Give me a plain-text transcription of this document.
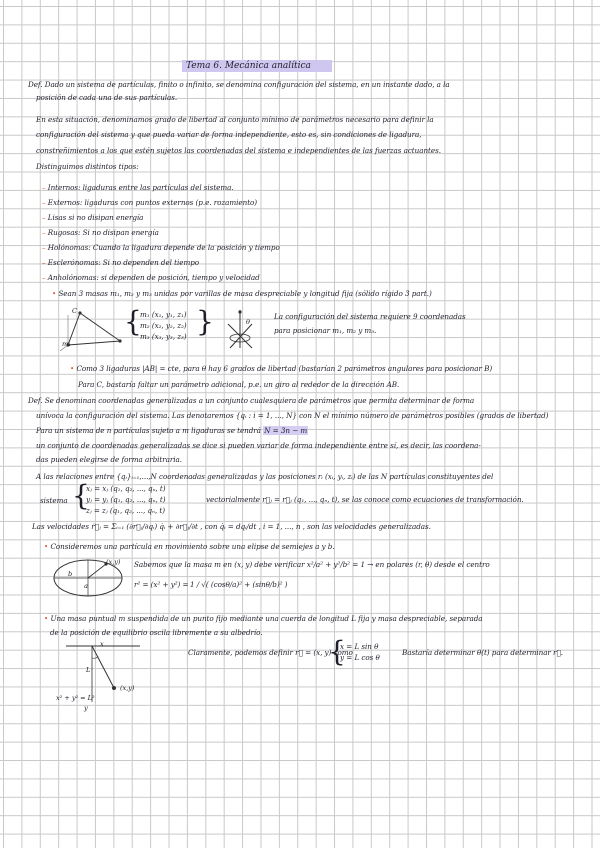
Tema 6. Mecánica analítica
Def. Dado un sistema de partículas, finito o infinito, se denomina configuración del sistema, en un instante dado, a la
posición de cada una de sus partículas.
En esta situación, denominamos grado de libertad al conjunto mínimo de parámetros necesario para definir la
configuración del sistema y que pueda variar de forma independiente, esto es, sin condiciones de ligadura,
constreñimientos a los que estén sujetos las coordenadas del sistema e independientes de las fuerzas actuantes.
Distinguimos distintos tipos:
– Internos: ligaduras entre las partículas del sistema.
– Externos: ligaduras con puntos externos (p.e. rozamiento)
– Lisas si no disipan energía
– Rugosas: Si no disipan energía
– Holónomas: Cuando la ligadura depende de la posición y tiempo
– Esclerónomas: Si no dependen del tiempo
– Anholónomas: si dependen de posición, tiempo y velocidad
• Sean 3 masas m₁, m₂ y m₃ unidas por varillas de masa despreciable y longitud fija (sólido rígido 3 part.)
C
m₁
{
m₁ (x₁, y₁, z₁)
m₂ (x₂, y₂, z₂)
m₃ (x₃, y₃, z₃) }	θ
La configuración del sistema requiere 9 coordenadas
para posicionar m₁, m₂ y m₃.
• Como 3 ligaduras |AB| = cte, para θ hay 6 grados de libertad (bastarían 2 parámetros angulares para posicionar B)
Para C, bastaría faltar un parámetro adicional, p.e. un giro al rededor de la dirección AB.
Def. Se denominan coordenadas generalizadas a un conjunto cualesquiera de parámetros que permita determinar de forma
unívoca la configuración del sistema. Las denotaremos {qᵢ : i = 1, ..., N} con N el mínimo número de parámetros posibles (grados de libertad)
Para un sistema de n partículas sujeto a m ligaduras se tendrá N = 3n − m
un conjunto de coordenadas generalizadas se dice si pueden variar de forma independiente entre sí, es decir, las coordena-
das pueden elegirse de forma arbitraria.
A las relaciones entre {qᵢ}ᵢ₌₁,...,N coordenadas generalizadas y las posiciones rᵢ (xᵢ, yᵢ, zᵢ) de las N partículas constituyentes del
sistema {
xⱼ = xⱼ (q₁, q₂, ..., qₙ, t)
yⱼ = yⱼ (q₁, q₂, ..., qₙ, t)
zⱼ = zⱼ (q₁, q₂, ..., qₙ, t)
vectorialmente r⃗ⱼ = r⃗ⱼ (q₁, ..., qₙ, t), se las conoce como ecuaciones de transformación.
Las velocidades ṙ⃗ⱼ = Σᵢ₌₁ (∂r⃗ⱼ/∂qᵢ) q̇ᵢ + ∂r⃗ⱼ/∂t , con q̇ᵢ = dqᵢ/dt , i = 1, ..., n , son las velocidades generalizadas.
• Consideremos una partícula en movimiento sobre una elipse de semiejes a y b.
b
a
(x,y) Sabemos que la masa m en (x, y) debe verificar x²/a² + y²/b² = 1 → en polares (r, θ) desde el centro
r² = (x² + y²) = 1 / √( (cosθ/a)² + (sinθ/b)² )
• Una masa puntual m suspendida de un punto fijo mediante una cuerda de longitud L fija y masa despreciable, separada
de la posición de equilibrio oscila libremente a su albedrío.
x
(x,y)
L
y
x² + y² = L²
Claramente, podemos definir r⃗ = (x, y) como
{
x = L sin θ
y = L cos θ
Bastaría determinar θ(t) para determinar r⃗.
